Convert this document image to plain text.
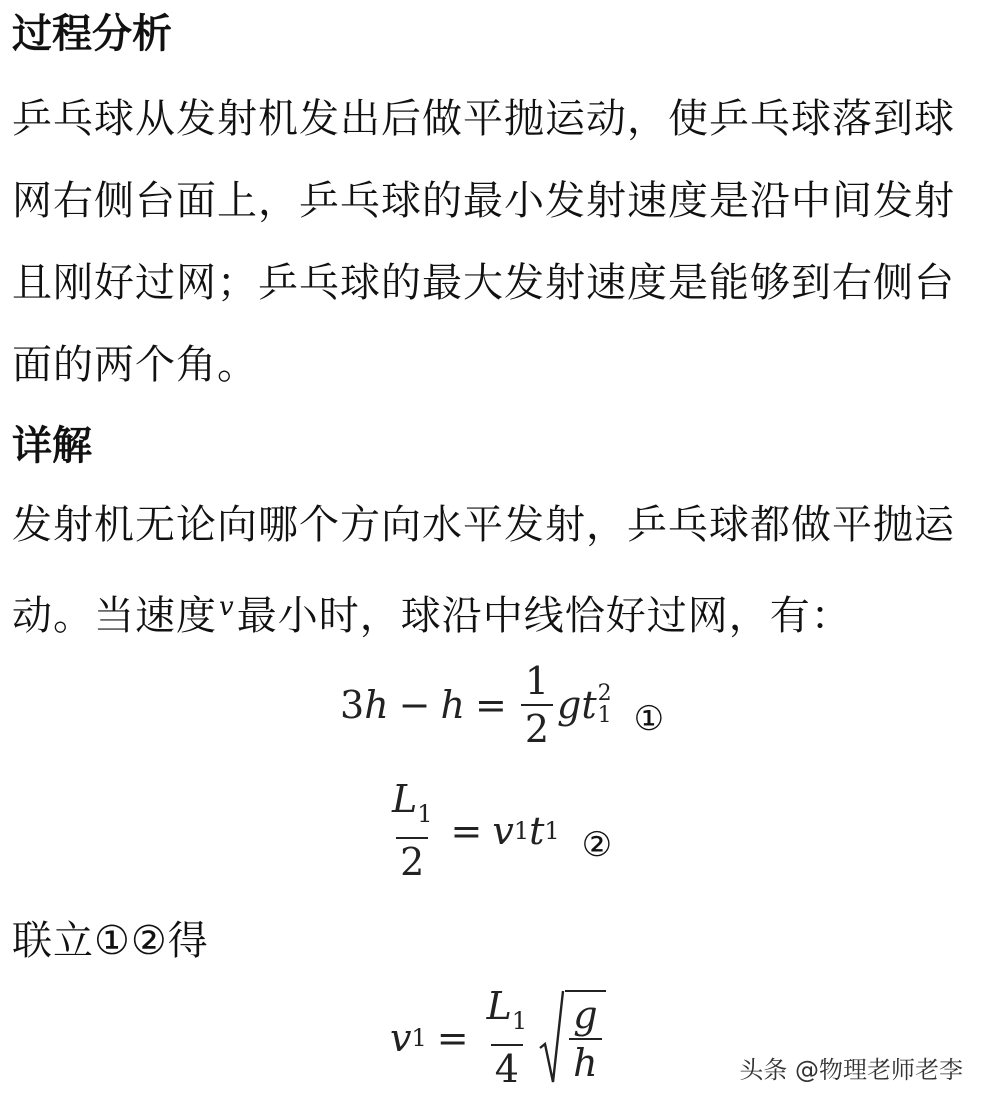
过程分析

乒乓球从发射机发出后做平抛运动，使乒乓球落到球网右侧台面上，乒乓球的最小发射速度是沿中间发射且刚好过网；乒乓球的最大发射速度是能够到右侧台面的两个角。

详解

发射机无论向哪个方向水平发射，乒乓球都做平抛运动。当速度$^v$最小时，球沿中线恰好过网，有：

3 $h - h = \frac{1}{2}$ g t 2
1 ①
$\frac{L_1}{2} = v$ 1 t 1 ②

联立①②得

v $1 = \frac{L_1}{4} \frac{g}{h}$	头条 @物理老师老李
